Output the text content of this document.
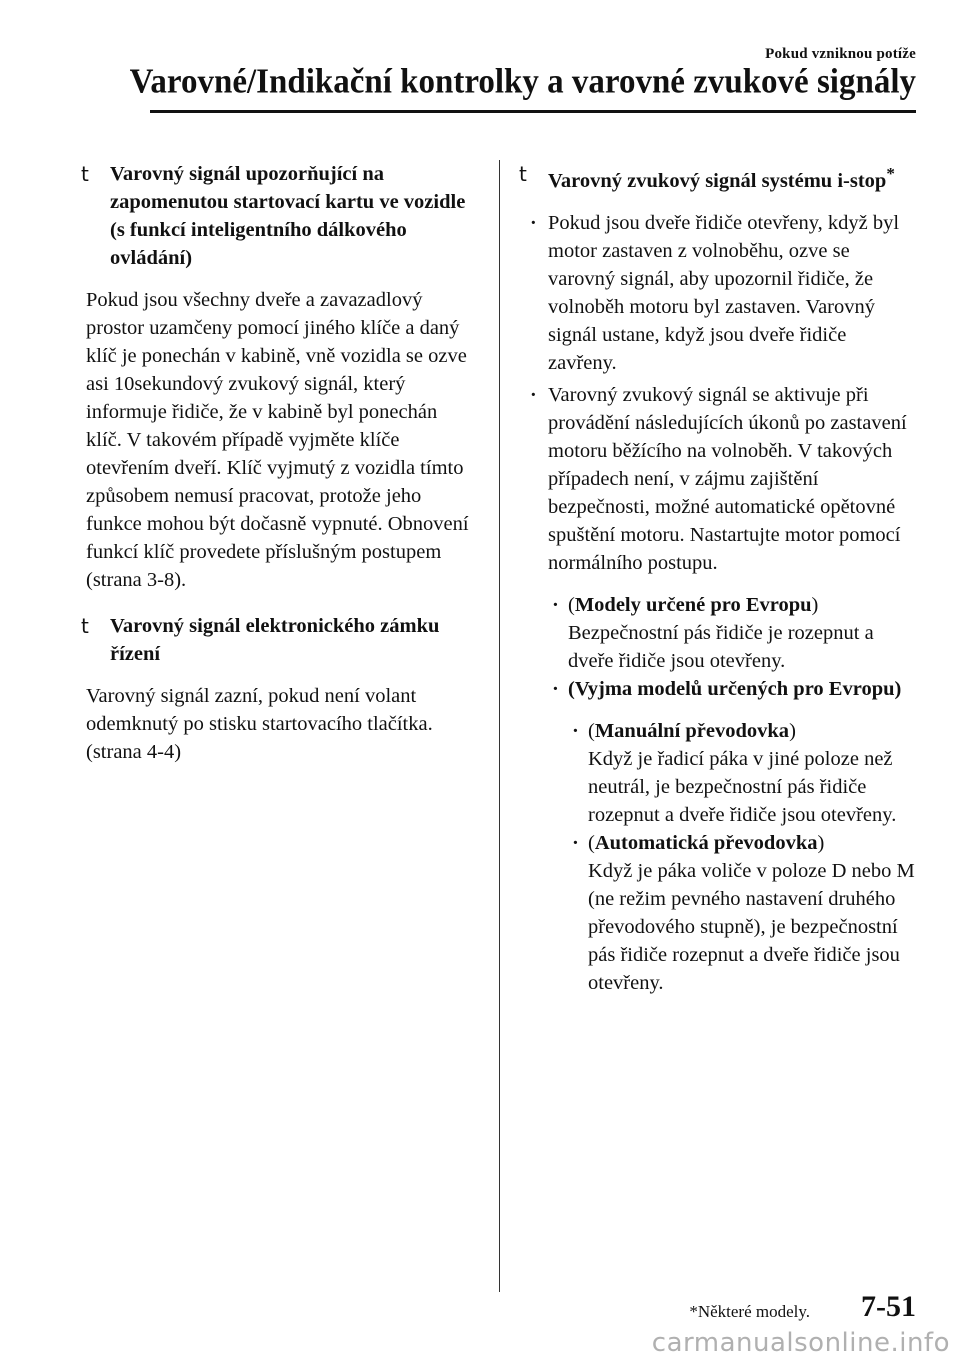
Pokud vzniknou potíže
Varovné/Indikační kontrolky a varovné zvukové signály
t Varovný signál upozorňující na zapomenutou startovací kartu ve vozidle (s funkcí inteligentního dálkového ovládání)

Pokud jsou všechny dveře a zavazadlový prostor uzamčeny pomocí jiného klíče a daný klíč je ponechán v kabině, vně vozidla se ozve asi 10sekundový zvukový signál, který informuje řidiče, že v kabině byl ponechán klíč. V takovém případě vyjměte klíče otevřením dveří. Klíč vyjmutý z vozidla tímto způsobem nemusí pracovat, protože jeho funkce mohou být dočasně vypnuté. Obnovení funkcí klíč provedete příslušným postupem (strana 3-8).

t Varovný signál elektronického zámku řízení

Varovný signál zazní, pokud není volant odemknutý po stisku startovacího tlačítka. (strana 4-4)

t Varovný zvukový signál systému i-stop*
· Pokud jsou dveře řidiče otevřeny, když byl motor zastaven z volnoběhu, ozve se varovný signál, aby upozornil řidiče, že volnoběh motoru byl zastaven. Varovný signál ustane, když jsou dveře řidiče zavřeny.
· Varovný zvukový signál se aktivuje při provádění následujících úkonů po zastavení motoru běžícího na volnoběh. V takových případech není, v zájmu zajištění bezpečnosti, možné automatické opětovné spuštění motoru. Nastartujte motor pomocí normálního postupu.
· (Modely určené pro Evropu)
Bezpečnostní pás řidiče je rozepnut a dveře řidiče jsou otevřeny.
· (Vyjma modelů určených pro Evropu)
· (Manuální převodovka)
Když je řadicí páka v jiné poloze než neutrál, je bezpečnostní pás řidiče rozepnut a dveře řidiče jsou otevřeny.
· (Automatická převodovka)
Když je páka voliče v poloze D nebo M (ne režim pevného nastavení druhého převodového stupně), je bezpečnostní pás řidiče rozepnut a dveře řidiče jsou otevřeny.
*Některé modely. 7-51
carmanualsonline.info
